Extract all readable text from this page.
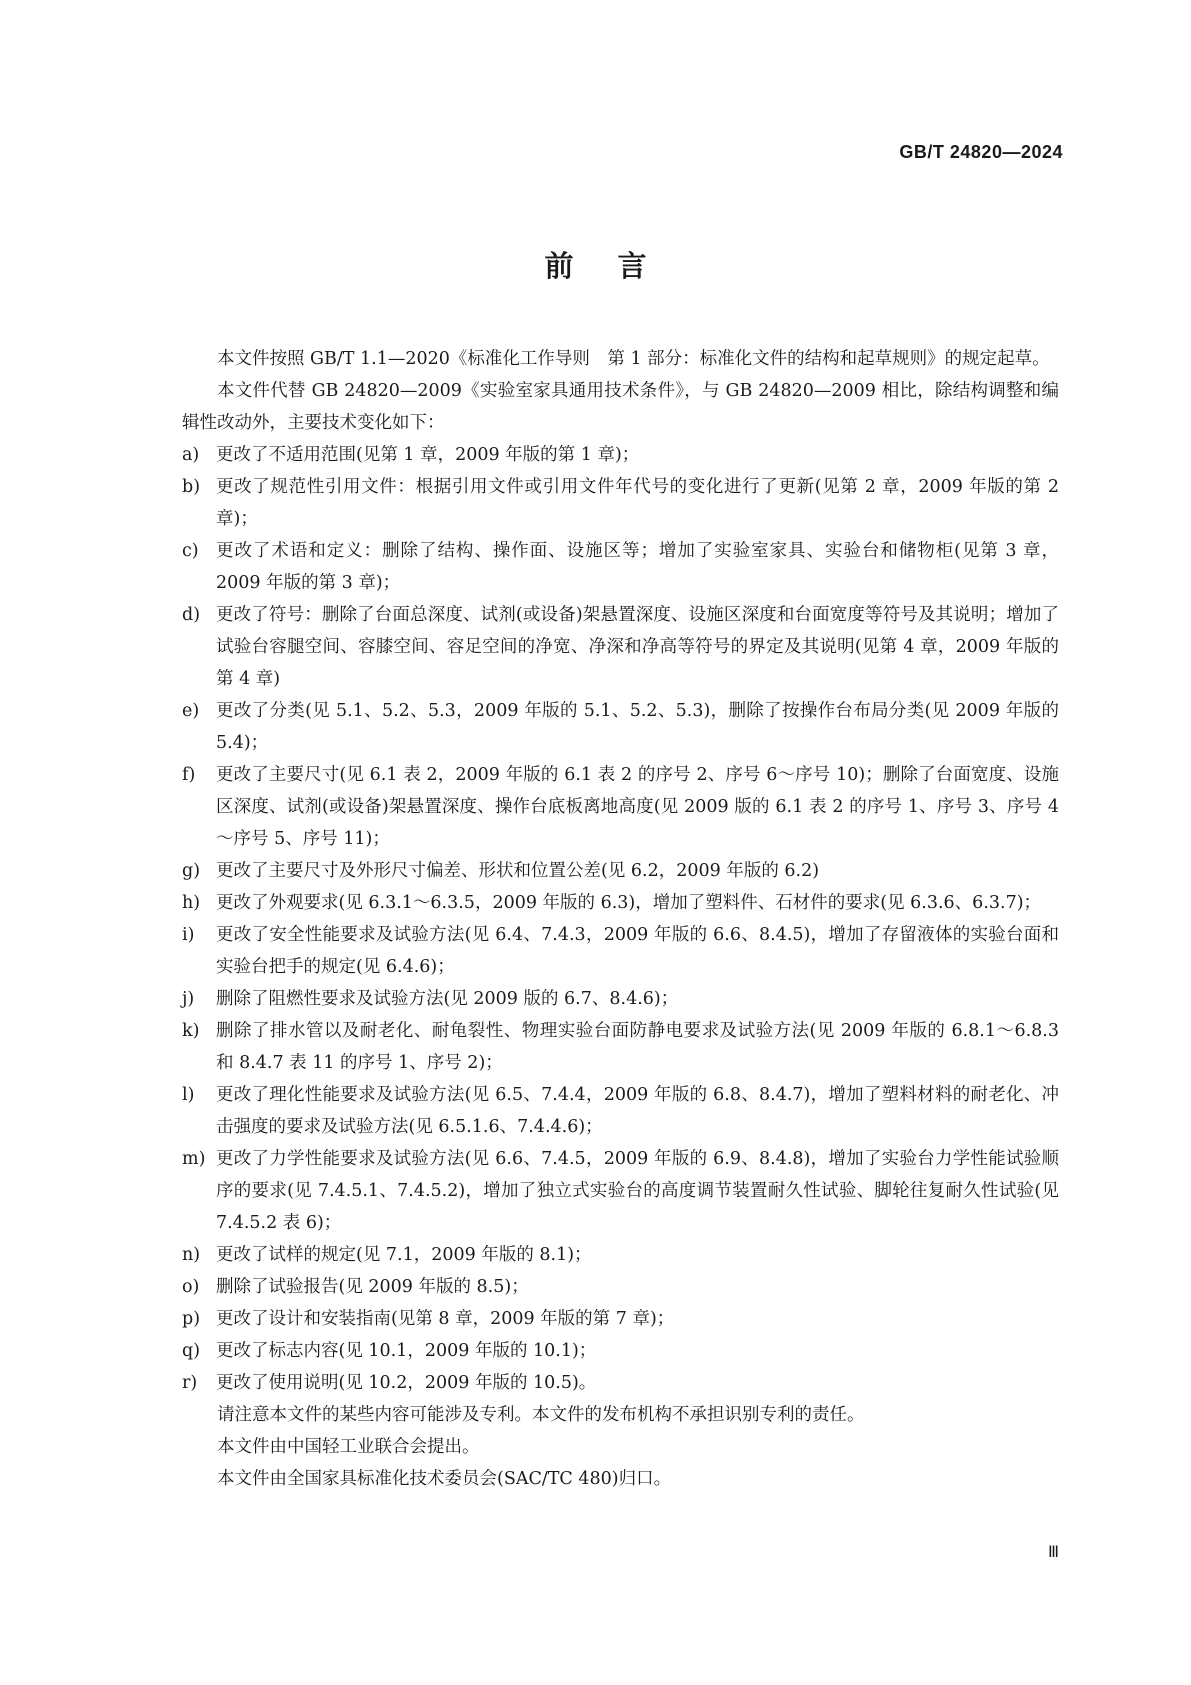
GB/T 24820—2024
前言

本文件按照 GB/T 1.1—2020《标准化工作导则　第 1 部分：标准化文件的结构和起草规则》的规定起草。

本文件代替 GB 24820—2009《实验室家具通用技术条件》，与 GB 24820—2009 相比，除结构调整和编辑性改动外，主要技术变化如下：

a) 更改了不适用范围(见第 1 章，2009 年版的第 1 章)；
b) 更改了规范性引用文件：根据引用文件或引用文件年代号的变化进行了更新(见第 2 章，2009 年版的第 2 章)；
c) 更改了术语和定义：删除了结构、操作面、设施区等；增加了实验室家具、实验台和储物柜(见第 3 章，2009 年版的第 3 章)；
d) 更改了符号：删除了台面总深度、试剂(或设备)架悬置深度、设施区深度和台面宽度等符号及其说明；增加了试验台容腿空间、容膝空间、容足空间的净宽、净深和净高等符号的界定及其说明(见第 4 章，2009 年版的第 4 章)
e) 更改了分类(见 5.1、5.2、5.3，2009 年版的 5.1、5.2、5.3)，删除了按操作台布局分类(见 2009 年版的 5.4)；
f)	更改了主要尺寸(见 6.1 表 2，2009 年版的 6.1 表 2 的序号 2、序号 6～序号 10)；删除了台面宽度、设施区深度、试剂(或设备)架悬置深度、操作台底板离地高度(见 2009 版的 6.1 表 2 的序号 1、序号 3、序号 4～序号 5、序号 11)；
g) 更改了主要尺寸及外形尺寸偏差、形状和位置公差(见 6.2，2009 年版的 6.2)
h) 更改了外观要求(见 6.3.1～6.3.5，2009 年版的 6.3)，增加了塑料件、石材件的要求(见 6.3.6、6.3.7)；
i)	更改了安全性能要求及试验方法(见 6.4、7.4.3，2009 年版的 6.6、8.4.5)，增加了存留液体的实验台面和实验台把手的规定(见 6.4.6)；
j)	删除了阻燃性要求及试验方法(见 2009 版的 6.7、8.4.6)；
k) 删除了排水管以及耐老化、耐龟裂性、物理实验台面防静电要求及试验方法(见 2009 年版的 6.8.1～6.8.3 和 8.4.7 表 11 的序号 1、序号 2)；
l)	更改了理化性能要求及试验方法(见 6.5、7.4.4，2009 年版的 6.8、8.4.7)，增加了塑料材料的耐老化、冲击强度的要求及试验方法(见 6.5.1.6、7.4.4.6)；
m) 更改了力学性能要求及试验方法(见 6.6、7.4.5，2009 年版的 6.9、8.4.8)，增加了实验台力学性能试验顺序的要求(见 7.4.5.1、7.4.5.2)，增加了独立式实验台的高度调节装置耐久性试验、脚轮往复耐久性试验(见 7.4.5.2 表 6)；
n) 更改了试样的规定(见 7.1，2009 年版的 8.1)；
o) 删除了试验报告(见 2009 年版的 8.5)；
p) 更改了设计和安装指南(见第 8 章，2009 年版的第 7 章)；
q) 更改了标志内容(见 10.1，2009 年版的 10.1)；
r)	更改了使用说明(见 10.2，2009 年版的 10.5)。

请注意本文件的某些内容可能涉及专利。本文件的发布机构不承担识别专利的责任。

本文件由中国轻工业联合会提出。

本文件由全国家具标准化技术委员会(SAC/TC 480)归口。

Ⅲ
